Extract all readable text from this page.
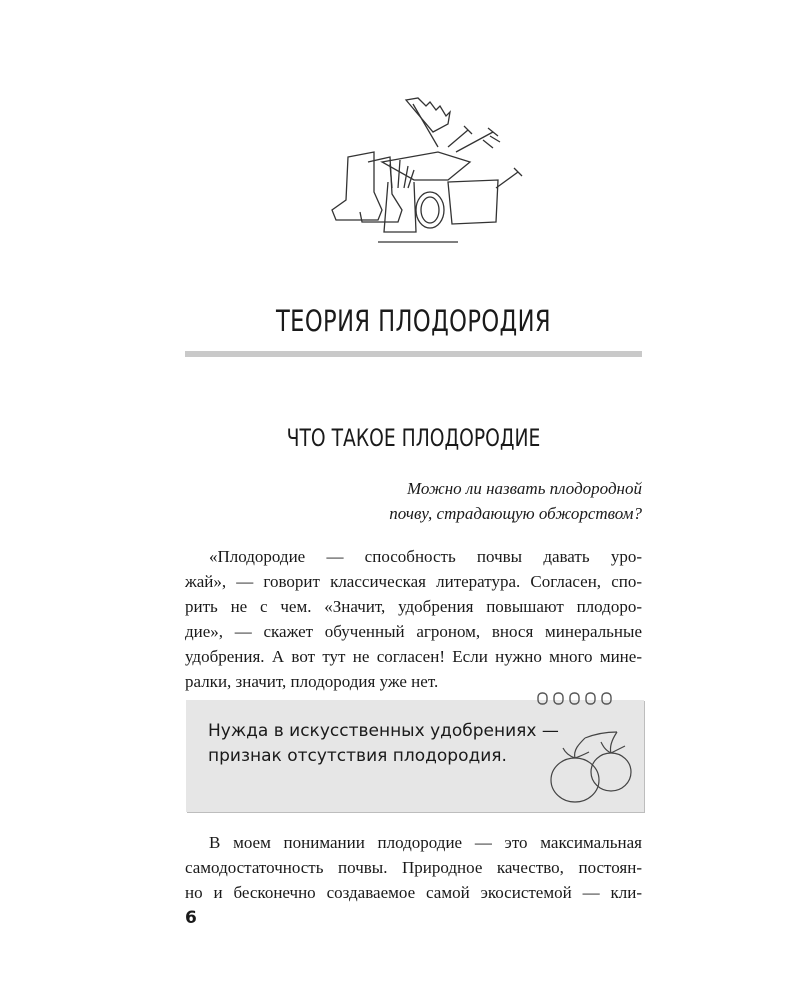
ТЕОРИЯ ПЛОДОРОДИЯ
ЧТО ТАКОЕ ПЛОДОРОДИЕ
Можно ли назвать плодородной
почву, страдающую обжорством?
«Плодородие — способность почвы давать уро-
жай», — говорит классическая литература. Согласен, спо-
рить не с чем. «Значит, удобрения повышают плодоро-
дие», — скажет обученный агроном, внося минеральные
удобрения. А вот тут не согласен! Если нужно много мине-
ралки, значит, плодородия уже нет.
Нужда в искусственных удобрениях —
признак отсутствия плодородия.
В моем понимании плодородие — это максимальная
самодостаточность почвы. Природное качество, постоян-
но и бесконечно создаваемое самой экосистемой — кли-
6
